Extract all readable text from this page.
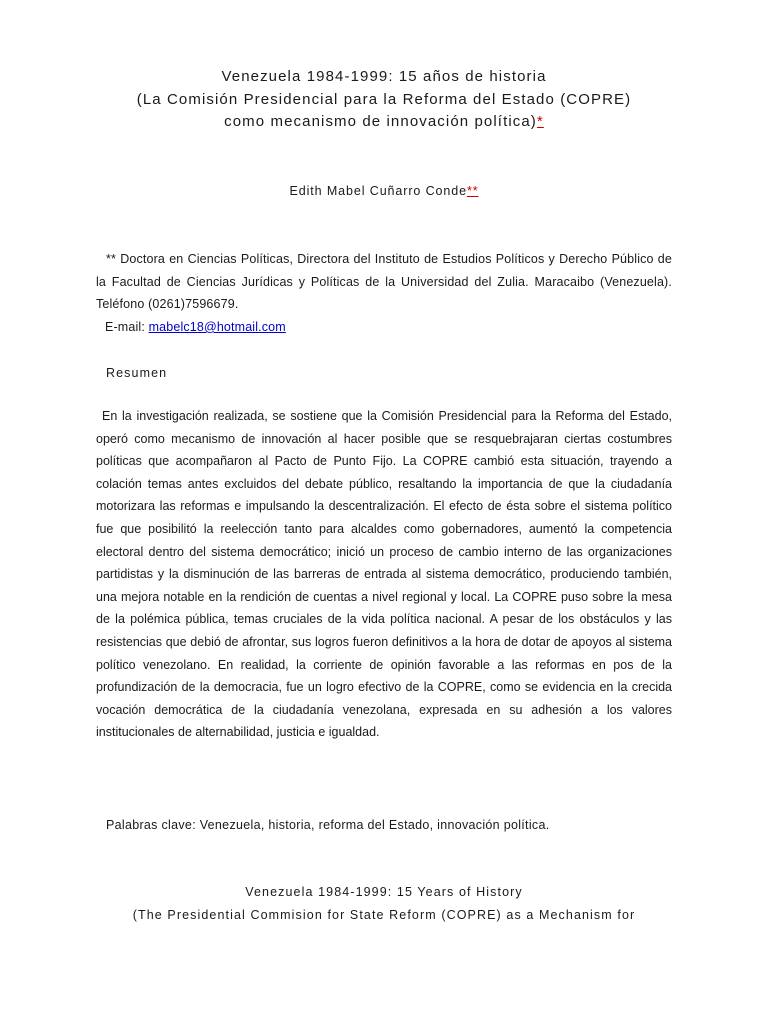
Venezuela 1984-1999: 15 años de historia
(La Comisión Presidencial para la Reforma del Estado (COPRE)
como mecanismo de innovación política)*
Edith Mabel Cuñarro Conde**
** Doctora en Ciencias Políticas, Directora del Instituto de Estudios Políticos y Derecho Público de la Facultad de Ciencias Jurídicas y Políticas de la Universidad del Zulia. Maracaibo (Venezuela). Teléfono (0261)7596679.
E-mail: mabelc18@hotmail.com
Resumen
En la investigación realizada, se sostiene que la Comisión Presidencial para la Reforma del Estado, operó como mecanismo de innovación al hacer posible que se resquebrajaran ciertas costumbres políticas que acompañaron al Pacto de Punto Fijo. La COPRE cambió esta situación, trayendo a colación temas antes excluidos del debate público, resaltando la importancia de que la ciudadanía motorizara las reformas e impulsando la descentralización. El efecto de ésta sobre el sistema político fue que posibilitó la reelección tanto para alcaldes como gobernadores, aumentó la competencia electoral dentro del sistema democrático; inició un proceso de cambio interno de las organizaciones partidistas y la disminución de las barreras de entrada al sistema democrático, produciendo también, una mejora notable en la rendición de cuentas a nivel regional y local. La COPRE puso sobre la mesa de la polémica pública, temas cruciales de la vida política nacional. A pesar de los obstáculos y las resistencias que debió de afrontar, sus logros fueron definitivos a la hora de dotar de apoyos al sistema político venezolano. En realidad, la corriente de opinión favorable a las reformas en pos de la profundización de la democracia, fue un logro efectivo de la COPRE, como se evidencia en la crecida vocación democrática de la ciudadanía venezolana, expresada en su adhesión a los valores institucionales de alternabilidad, justicia e igualdad.
Palabras clave: Venezuela, historia, reforma del Estado, innovación política.
Venezuela 1984-1999: 15 Years of History
(The Presidential Commision for State Reform (COPRE) as a Mechanism for
